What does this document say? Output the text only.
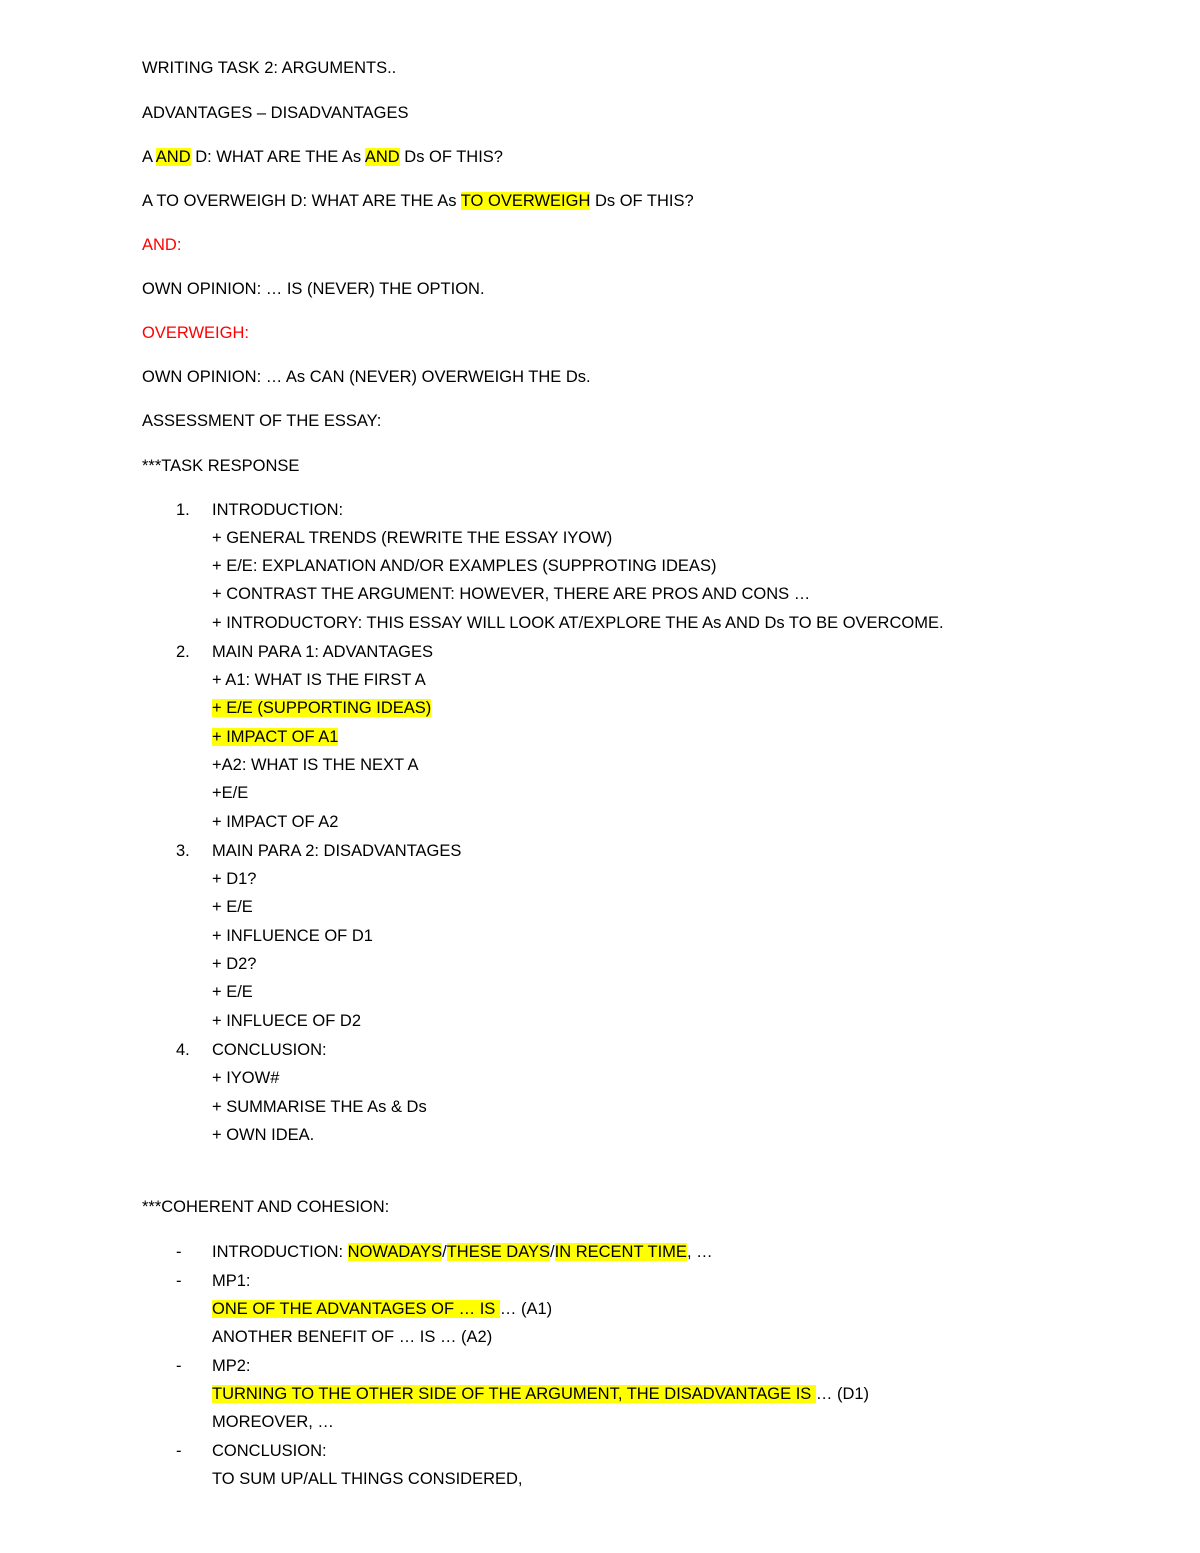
WRITING TASK 2: ARGUMENTS..
ADVANTAGES – DISADVANTAGES
A AND D: WHAT ARE THE As AND Ds OF THIS?
A TO OVERWEIGH D: WHAT ARE THE As TO OVERWEIGH Ds OF THIS?
AND:
OWN OPINION: … IS (NEVER) THE OPTION.
OVERWEIGH:
OWN OPINION: … As CAN (NEVER) OVERWEIGH THE Ds.
ASSESSMENT OF THE ESSAY:
***TASK RESPONSE
1. INTRODUCTION:
+ GENERAL TRENDS (REWRITE THE ESSAY IYOW)
+ E/E: EXPLANATION AND/OR EXAMPLES (SUPPROTING IDEAS)
+ CONTRAST THE ARGUMENT: HOWEVER, THERE ARE PROS AND CONS …
+ INTRODUCTORY: THIS ESSAY WILL LOOK AT/EXPLORE THE As AND Ds TO BE OVERCOME.
2. MAIN PARA 1: ADVANTAGES
+ A1: WHAT IS THE FIRST A
+ E/E (SUPPORTING IDEAS)
+ IMPACT OF A1
+A2: WHAT IS THE NEXT A
+E/E
+ IMPACT OF A2
3. MAIN PARA 2: DISADVANTAGES
+ D1?
+ E/E
+ INFLUENCE OF D1
+ D2?
+ E/E
+ INFLUECE OF D2
4. CONCLUSION:
+ IYOW#
+ SUMMARISE THE As & Ds
+ OWN IDEA.
***COHERENT AND COHESION:
- INTRODUCTION: NOWADAYS/THESE DAYS/IN RECENT TIME, …
- MP1:
ONE OF THE ADVANTAGES OF … IS … (A1)
ANOTHER BENEFIT OF … IS … (A2)
- MP2:
TURNING TO THE OTHER SIDE OF THE ARGUMENT, THE DISADVANTAGE IS … (D1)
MOREOVER, …
- CONCLUSION:
TO SUM UP/ALL THINGS CONSIDERED,
